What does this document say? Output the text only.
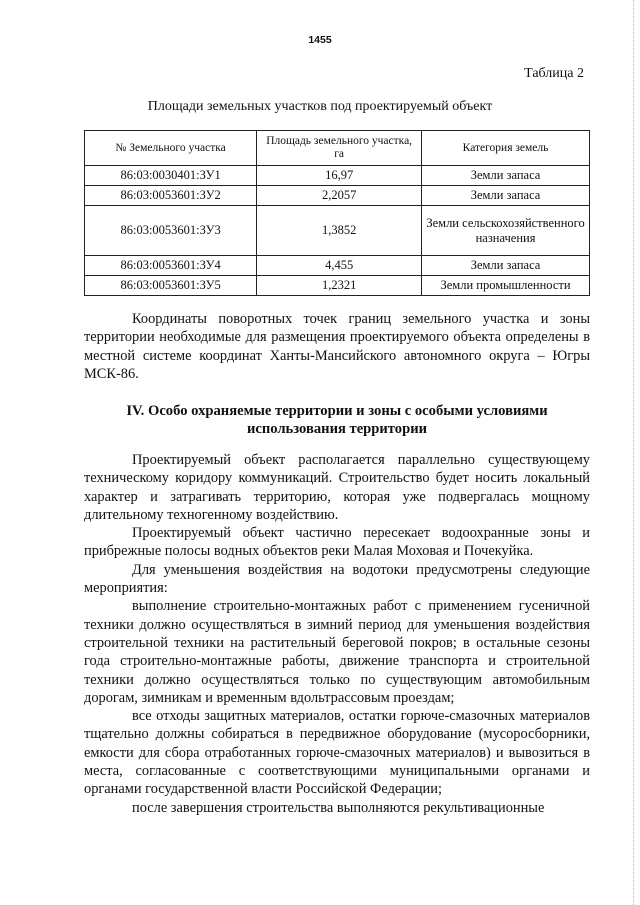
1455
Таблица 2
Площади земельных участков под проектируемый объект
№ Земельного участка	Площадь земельного участка, га	Категория земель
86:03:0030401:ЗУ1	16,97	Земли запаса
86:03:0053601:ЗУ2	2,2057	Земли запаса
86:03:0053601:ЗУ3	1,3852	Земли сельскохозяйственного назначения
86:03:0053601:ЗУ4	4,455	Земли запаса
86:03:0053601:ЗУ5	1,2321	Земли промышленности

Координаты поворотных точек границ земельного участка и зоны территории необходимые для размещения проектируемого объекта определены в местной системе координат Ханты-Мансийского автономного округа – Югры МСК-86.

IV. Особо охраняемые территории и зоны с особыми условиями
использования территории

Проектируемый объект располагается параллельно существующему техническому коридору коммуникаций. Строительство будет носить локальный характер и затрагивать территорию, которая уже подвергалась мощному длительному техногенному воздействию.

Проектируемый объект частично пересекает водоохранные зоны и прибрежные полосы водных объектов реки Малая Моховая и Почекуйка.

Для уменьшения воздействия на водотоки предусмотрены следующие мероприятия:

выполнение строительно-монтажных работ с применением гусеничной техники должно осуществляться в зимний период для уменьшения воздействия строительной техники на растительный береговой покров; в остальные сезоны года строительно-монтажные работы, движение транспорта и строительной техники должно осуществляться только по существующим автомобильным дорогам, зимникам и временным вдольтрассовым проездам;

все отходы защитных материалов, остатки горюче-смазочных материалов тщательно должны собираться в передвижное оборудование (мусоросборники, емкости для сбора отработанных горюче-смазочных материалов) и вывозиться в места, согласованные с соответствующими муниципальными органами и органами государственной власти Российской Федерации;

после завершения строительства выполняются рекультивационные
